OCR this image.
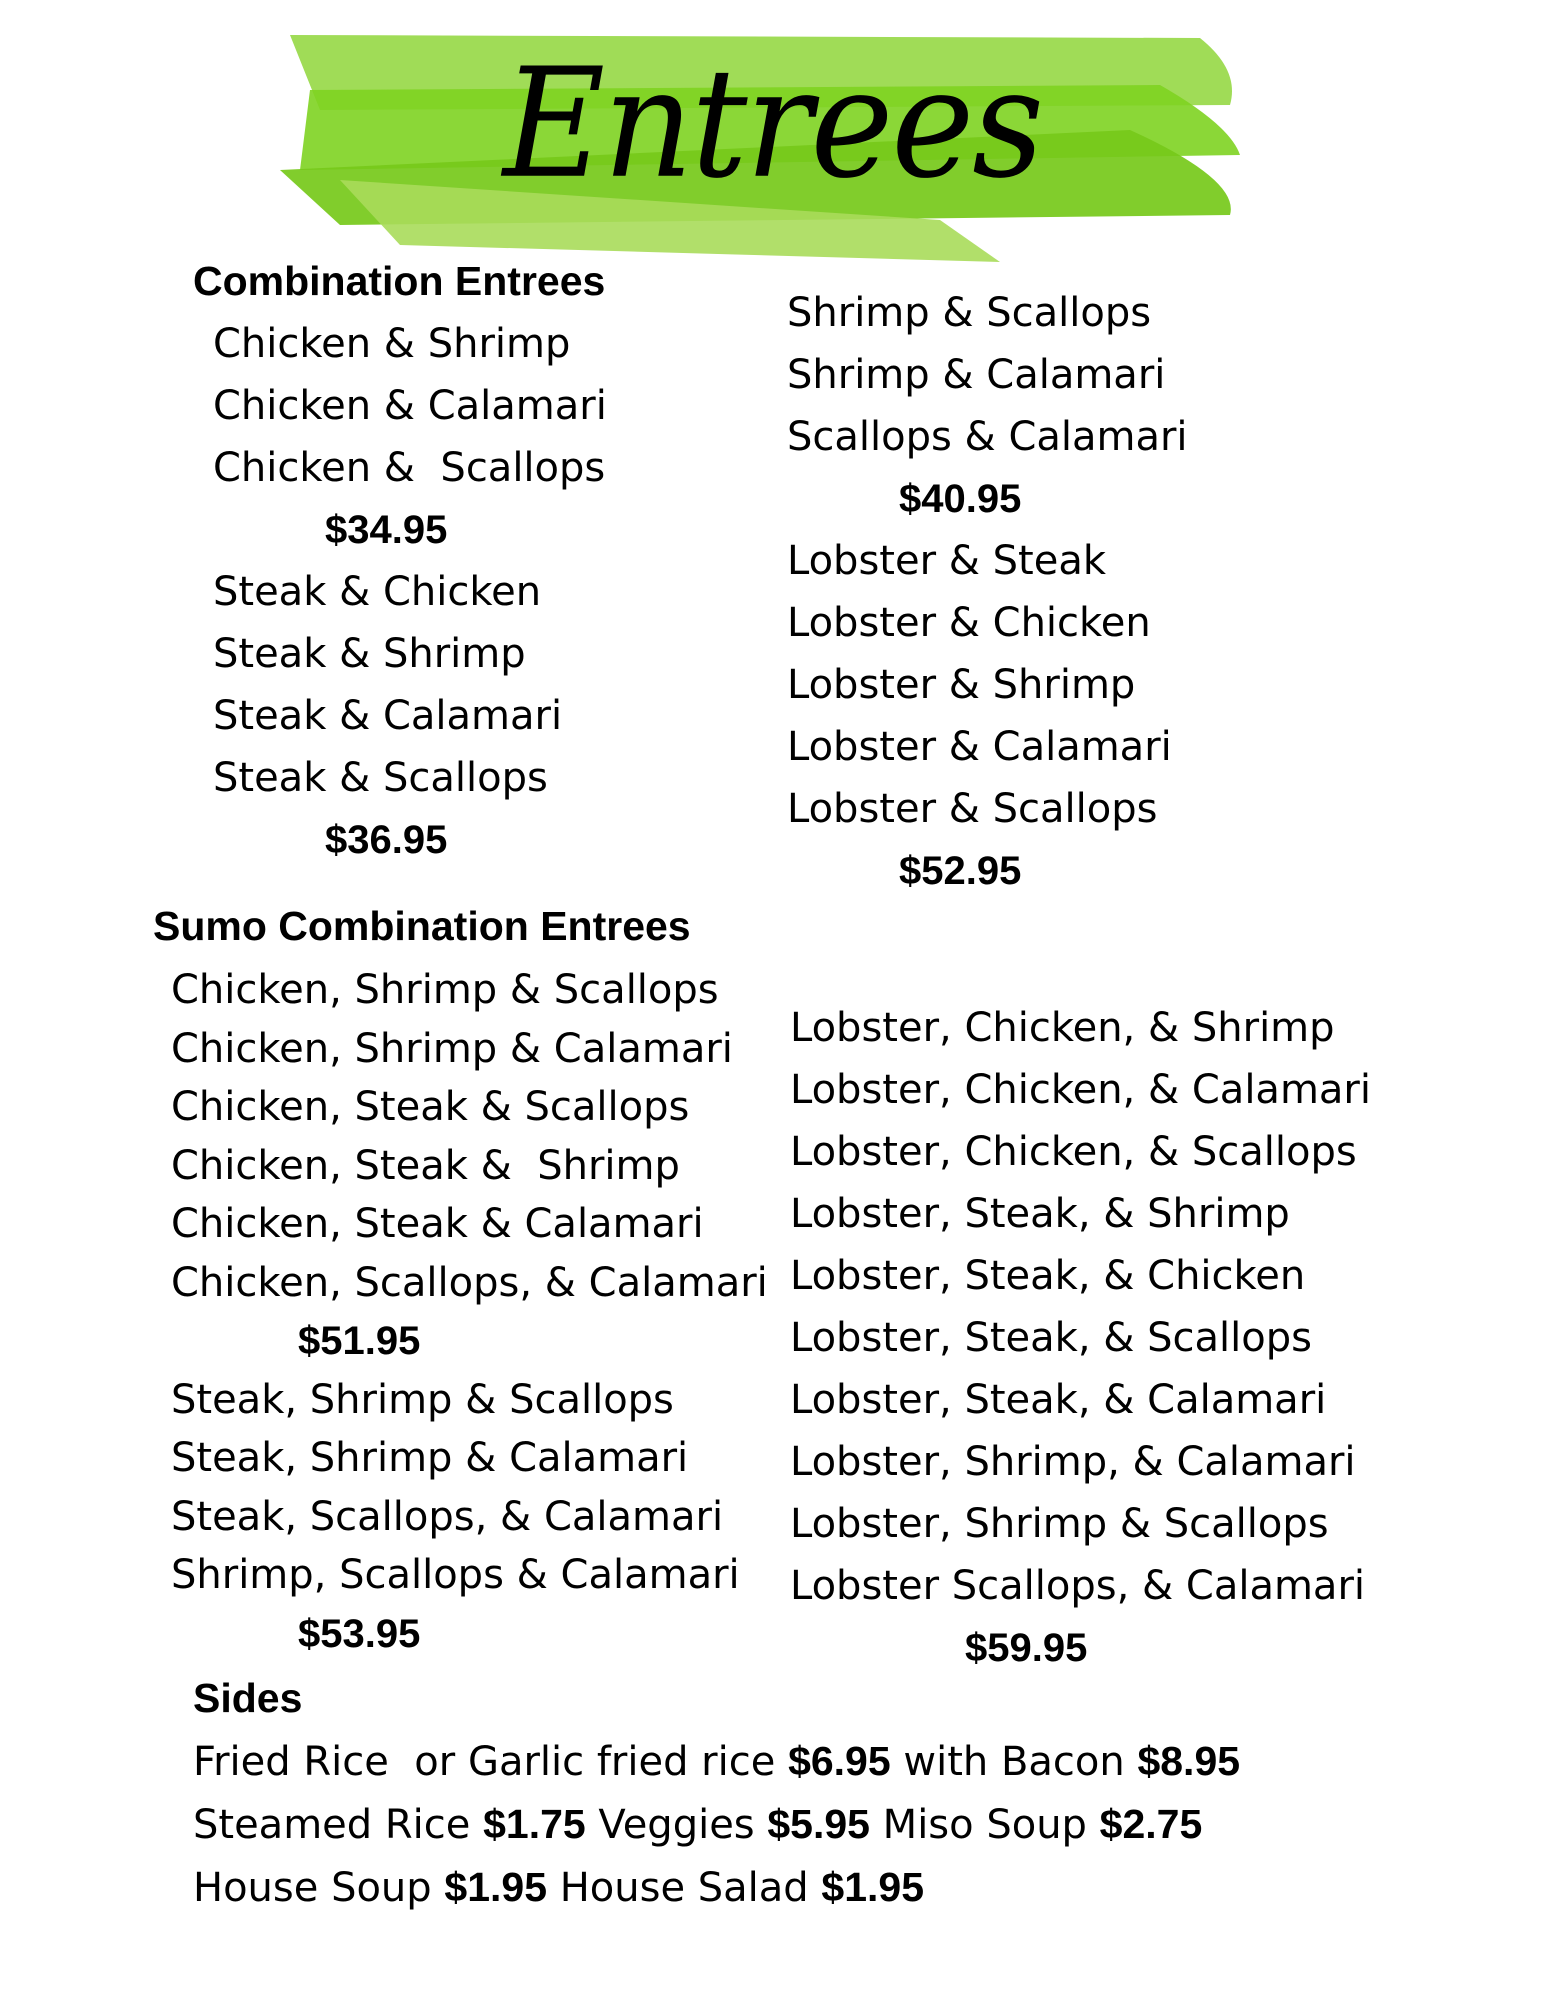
Entrees
Combination Entrees
Chicken & Shrimp
Chicken & Calamari
Chicken &  Scallops
$34.95
Steak & Chicken
Steak & Shrimp
Steak & Calamari
Steak & Scallops
$36.95
Shrimp & Scallops
Shrimp & Calamari
Scallops & Calamari
$40.95
Lobster & Steak
Lobster & Chicken
Lobster & Shrimp
Lobster & Calamari
Lobster & Scallops
$52.95
Sumo Combination Entrees
Chicken, Shrimp & Scallops
Chicken, Shrimp & Calamari
Chicken, Steak & Scallops
Chicken, Steak &  Shrimp
Chicken, Steak & Calamari
Chicken, Scallops, & Calamari
$51.95
Steak, Shrimp & Scallops
Steak, Shrimp & Calamari
Steak, Scallops, & Calamari
Shrimp, Scallops & Calamari
$53.95
Lobster, Chicken, & Shrimp
Lobster, Chicken, & Calamari
Lobster, Chicken, & Scallops
Lobster, Steak, & Shrimp
Lobster, Steak, & Chicken
Lobster, Steak, & Scallops
Lobster, Steak, & Calamari
Lobster, Shrimp, & Calamari
Lobster, Shrimp & Scallops
Lobster Scallops, & Calamari
$59.95
Sides
Fried Rice  or Garlic fried rice $6.95 with Bacon $8.95
Steamed Rice $1.75 Veggies $5.95 Miso Soup $2.75
House Soup $1.95 House Salad $1.95
